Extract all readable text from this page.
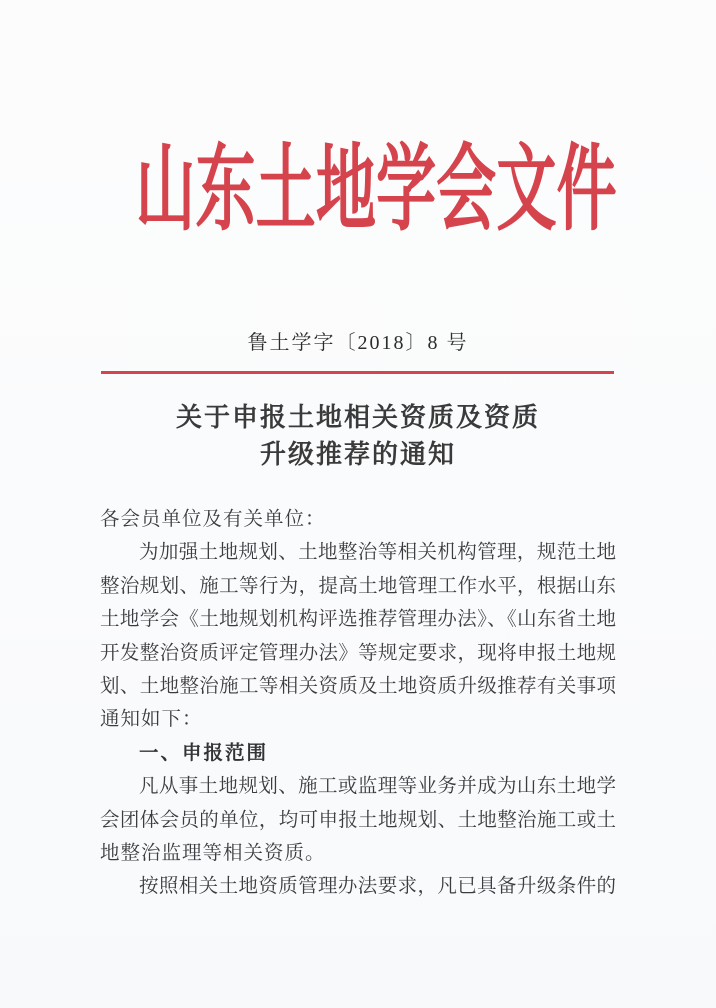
山东土地学会文件
鲁土学字〔2018〕8 号
关于申报土地相关资质及资质
升级推荐的通知
各会员单位及有关单位：
为加强土地规划、土地整治等相关机构管理，规范土地
整治规划、施工等行为，提高土地管理工作水平，根据山东
土地学会《土地规划机构评选推荐管理办法》、《山东省土地
开发整治资质评定管理办法》等规定要求，现将申报土地规
划、土地整治施工等相关资质及土地资质升级推荐有关事项
通知如下：
一、申报范围
凡从事土地规划、施工或监理等业务并成为山东土地学
会团体会员的单位，均可申报土地规划、土地整治施工或土
地整治监理等相关资质。
按照相关土地资质管理办法要求，凡已具备升级条件的
